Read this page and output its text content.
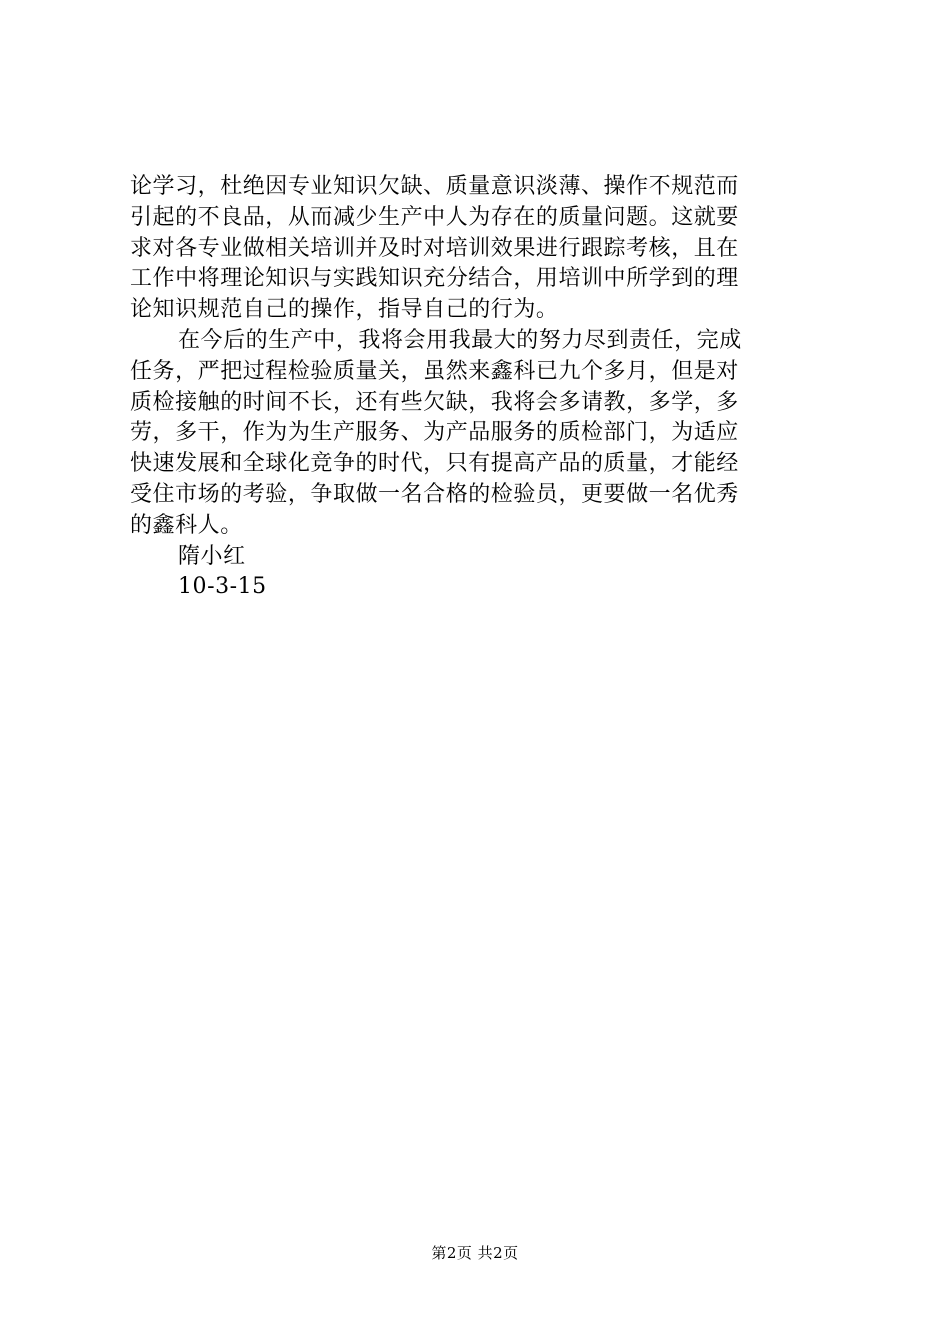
论学习，杜绝因专业知识欠缺、质量意识淡薄、操作不规范而
引起的不良品，从而减少生产中人为存在的质量问题。这就要
求对各专业做相关培训并及时对培训效果进行跟踪考核，且在
工作中将理论知识与实践知识充分结合，用培训中所学到的理
论知识规范自己的操作，指导自己的行为。
在今后的生产中，我将会用我最大的努力尽到责任，完成
任务，严把过程检验质量关，虽然来鑫科已九个多月，但是对
质检接触的时间不长，还有些欠缺，我将会多请教，多学，多
劳，多干，作为为生产服务、为产品服务的质检部门，为适应
快速发展和全球化竞争的时代，只有提高产品的质量，才能经
受住市场的考验，争取做一名合格的检验员，更要做一名优秀
的鑫科人。
隋小红
10-3-15
第2页 共2页
